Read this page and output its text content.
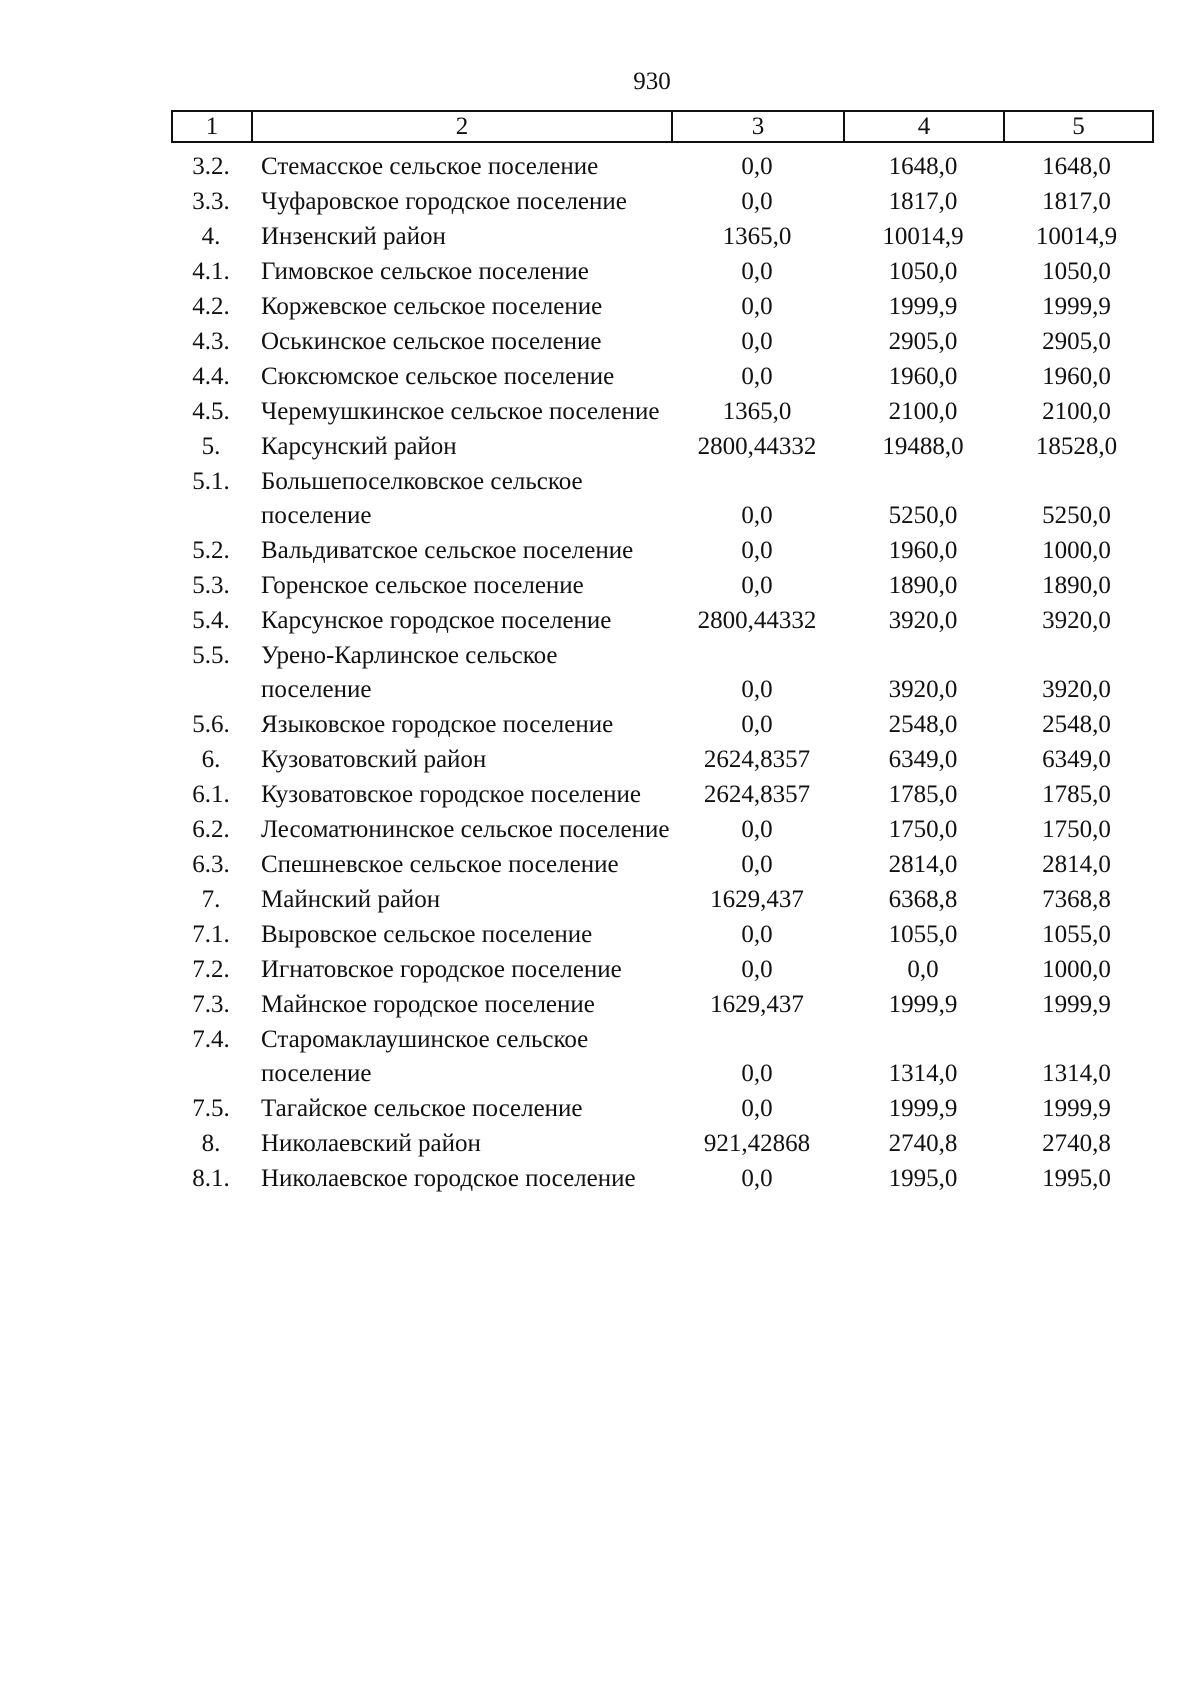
930
1	2	3	4	5
3.2.	Стемасское сельское поселение	0,0	1648,0	1648,0
3.3.	Чуфаровское городское поселение	0,0	1817,0	1817,0
4.	Инзенский район	1365,0	10014,9	10014,9
4.1.	Гимовское сельское поселение	0,0	1050,0	1050,0
4.2.	Коржевское сельское поселение	0,0	1999,9	1999,9
4.3.	Оськинское сельское поселение	0,0	2905,0	2905,0
4.4.	Сюксюмское сельское поселение	0,0	1960,0	1960,0
4.5.	Черемушкинское сельское поселение	1365,0	2100,0	2100,0
5.	Карсунский район	2800,44332	19488,0	18528,0
5.1.	Большепоселковское сельское поселение	0,0	5250,0	5250,0
5.2.	Вальдиватское сельское поселение	0,0	1960,0	1000,0
5.3.	Горенское сельское поселение	0,0	1890,0	1890,0
5.4.	Карсунское городское поселение	2800,44332	3920,0	3920,0
5.5.	Урено-Карлинское сельское поселение	0,0	3920,0	3920,0
5.6.	Языковское городское поселение	0,0	2548,0	2548,0
6.	Кузоватовский район	2624,8357	6349,0	6349,0
6.1.	Кузоватовское городское поселение	2624,8357	1785,0	1785,0
6.2.	Лесоматюнинское сельское поселение	0,0	1750,0	1750,0
6.3.	Спешневское сельское поселение	0,0	2814,0	2814,0
7.	Майнский район	1629,437	6368,8	7368,8
7.1.	Выровское сельское поселение	0,0	1055,0	1055,0
7.2.	Игнатовское городское поселение	0,0	0,0	1000,0
7.3.	Майнское городское поселение	1629,437	1999,9	1999,9
7.4.	Старомаклаушинское сельское поселение	0,0	1314,0	1314,0
7.5.	Тагайское сельское поселение	0,0	1999,9	1999,9
8.	Николаевский район	921,42868	2740,8	2740,8
8.1.	Николаевское городское поселение	0,0	1995,0	1995,0
